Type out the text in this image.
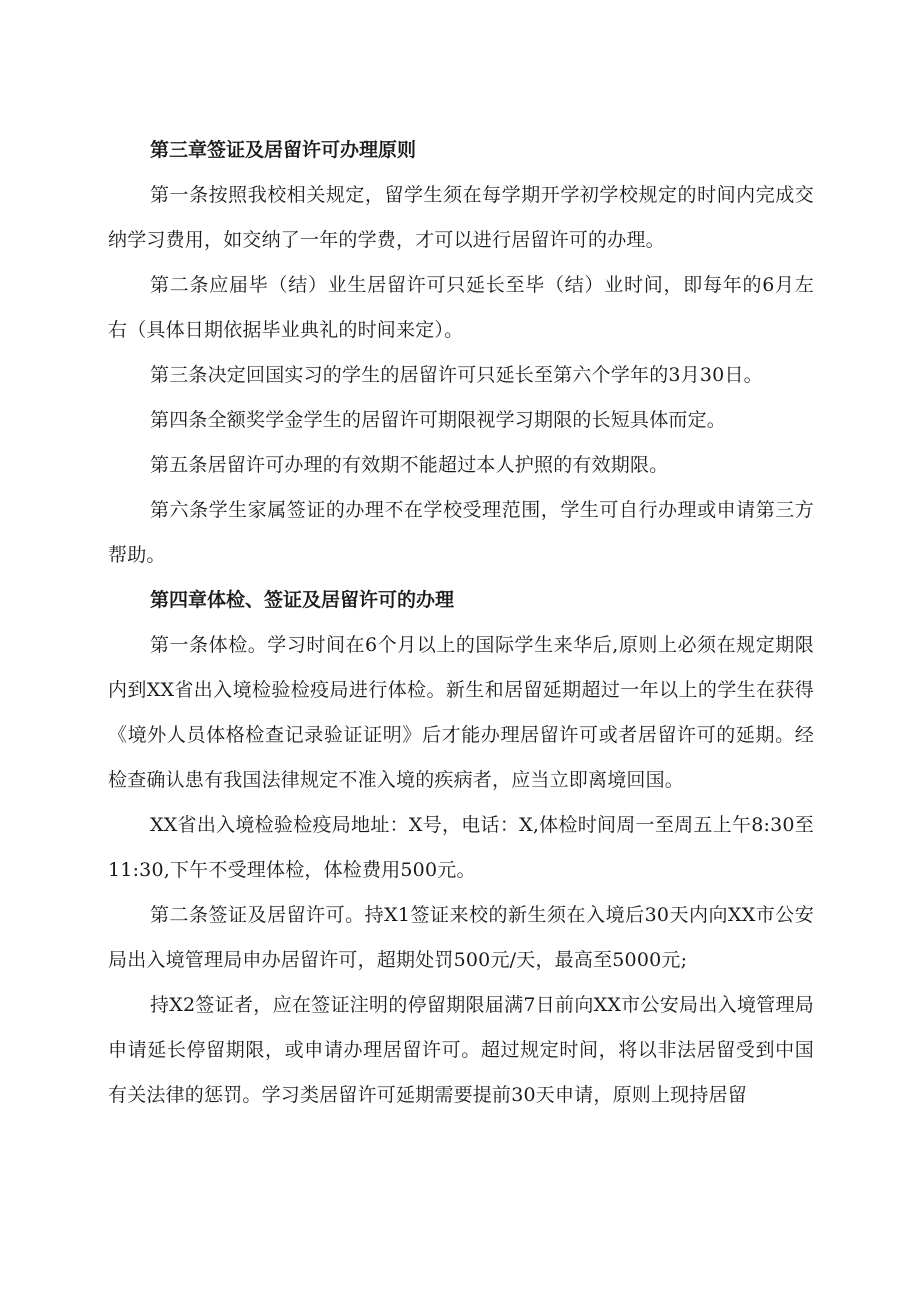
第三章签证及居留许可办理原则

第一条按照我校相关规定，留学生须在每学期开学初学校规定的时间内完成交纳学习费用，如交纳了一年的学费，才可以进行居留许可的办理。

第二条应届毕（结）业生居留许可只延长至毕（结）业时间，即每年的6月左右（具体日期依据毕业典礼的时间来定）。

第三条决定回国实习的学生的居留许可只延长至第六个学年的3月30日。

第四条全额奖学金学生的居留许可期限视学习期限的长短具体而定。

第五条居留许可办理的有效期不能超过本人护照的有效期限。

第六条学生家属签证的办理不在学校受理范围，学生可自行办理或申请第三方帮助。

第四章体检、签证及居留许可的办理

第一条体检。学习时间在6个月以上的国际学生来华后,原则上必须在规定期限内到XX省出入境检验检疫局进行体检。新生和居留延期超过一年以上的学生在获得《境外人员体格检查记录验证证明》后才能办理居留许可或者居留许可的延期。经检查确认患有我国法律规定不准入境的疾病者，应当立即离境回国。

XX省出入境检验检疫局地址：X号，电话：X,体检时间周一至周五上午8:30至11:30,下午不受理体检，体检费用500元。

第二条签证及居留许可。持X1签证来校的新生须在入境后30天内向XX市公安局出入境管理局申办居留许可，超期处罚500元/天，最高至5000元;

持X2签证者，应在签证注明的停留期限届满7日前向XX市公安局出入境管理局申请延长停留期限，或申请办理居留许可。超过规定时间，将以非法居留受到中国有关法律的惩罚。学习类居留许可延期需要提前30天申请，原则上现持居留
